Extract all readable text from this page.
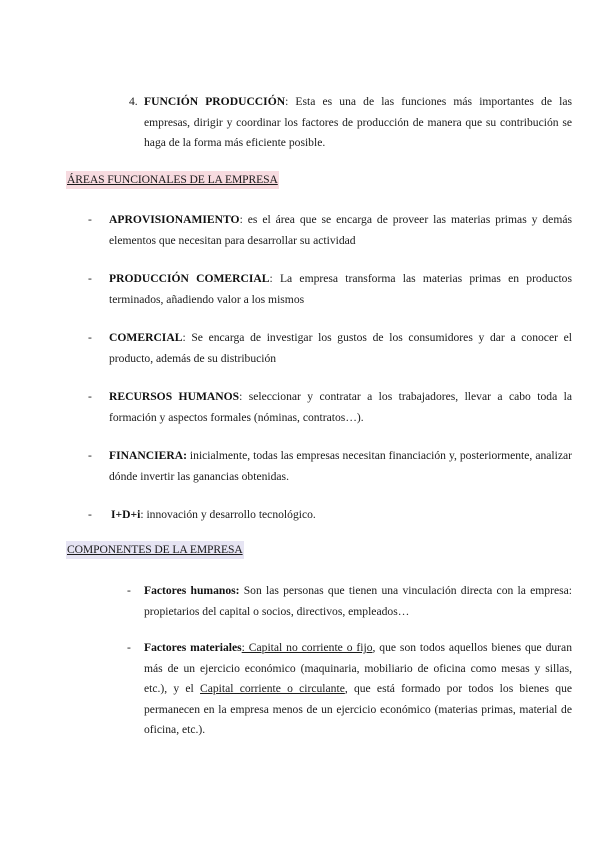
4. FUNCIÓN PRODUCCIÓN: Esta es una de las funciones más importantes de las empresas, dirigir y coordinar los factores de producción de manera que su contribución se haga de la forma más eficiente posible.

ÁREAS FUNCIONALES DE LA EMPRESA
- APROVISIONAMIENTO: es el área que se encarga de proveer las materias primas y demás elementos que necesitan para desarrollar su actividad

- PRODUCCIÓN COMERCIAL: La empresa transforma las materias primas en productos terminados, añadiendo valor a los mismos

- COMERCIAL: Se encarga de investigar los gustos de los consumidores y dar a conocer el producto, además de su distribución

- RECURSOS HUMANOS: seleccionar y contratar a los trabajadores, llevar a cabo toda la formación y aspectos formales (nóminas, contratos…).

- FINANCIERA: inicialmente, todas las empresas necesitan financiación y, posteriormente, analizar dónde invertir las ganancias obtenidas.

- I+D+i: innovación y desarrollo tecnológico.

COMPONENTES DE LA EMPRESA
- Factores humanos: Son las personas que tienen una vinculación directa con la empresa: propietarios del capital o socios, directivos, empleados…

- Factores materiales: Capital no corriente o fijo, que son todos aquellos bienes que duran más de un ejercicio económico (maquinaria, mobiliario de oficina como mesas y sillas, etc.), y el Capital corriente o circulante, que está formado por todos los bienes que permanecen en la empresa menos de un ejercicio económico (materias primas, material de oficina, etc.).
